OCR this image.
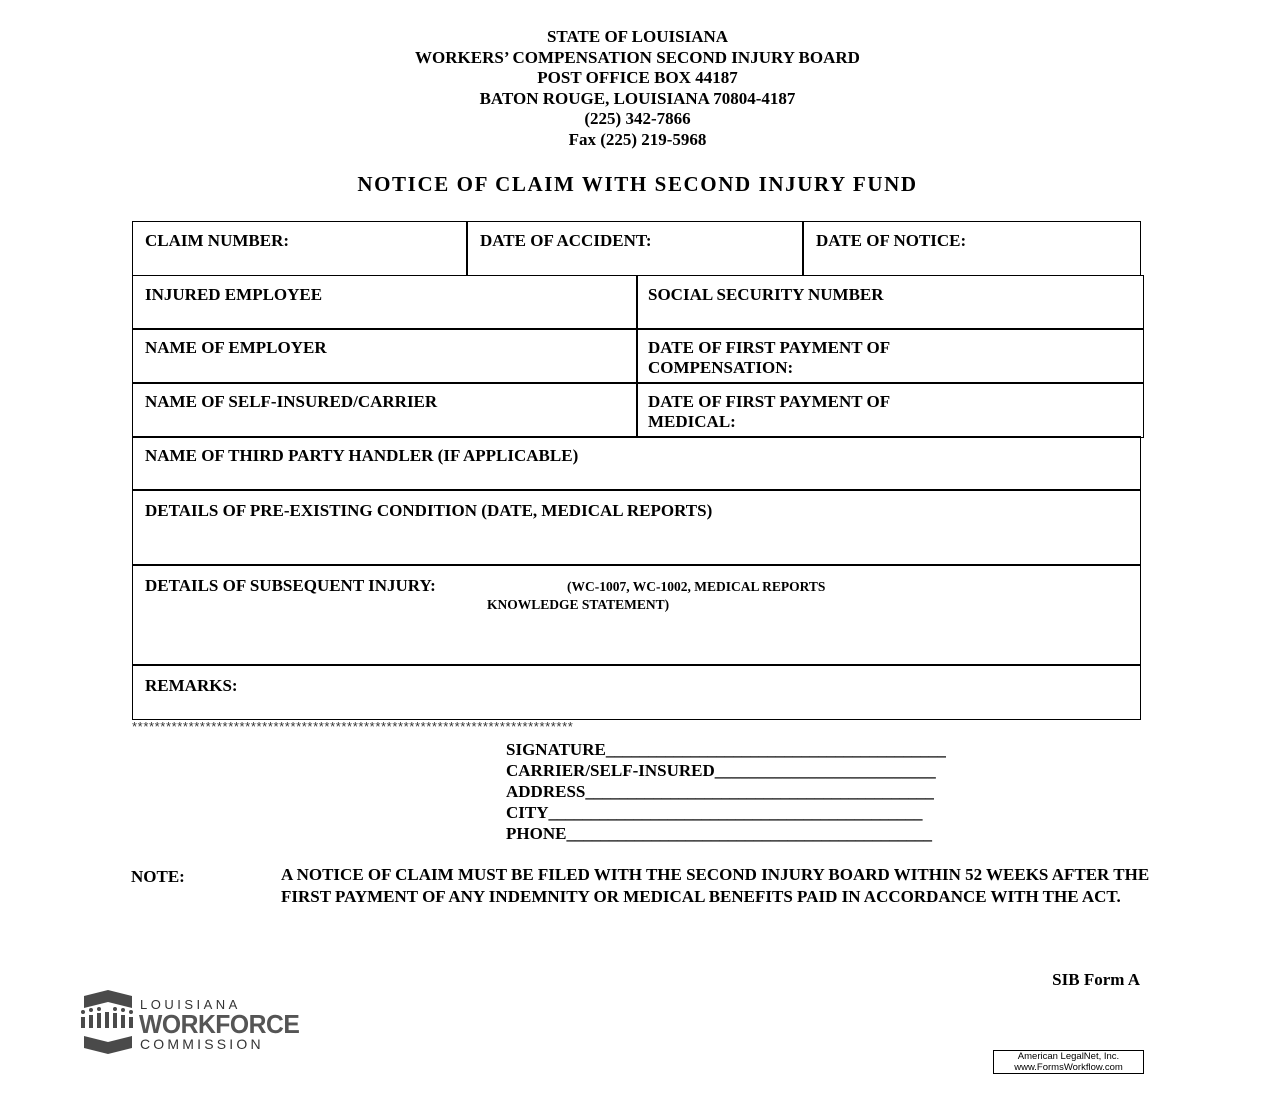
STATE OF LOUISIANA
WORKERS’ COMPENSATION SECOND INJURY BOARD
POST OFFICE BOX 44187
BATON ROUGE, LOUISIANA 70804-4187
(225) 342-7866
Fax (225) 219-5968
NOTICE OF CLAIM WITH SECOND INJURY FUND
CLAIM NUMBER:	DATE OF ACCIDENT:	DATE OF NOTICE:
INJURED EMPLOYEE	SOCIAL SECURITY NUMBER
NAME OF EMPLOYER	DATE OF FIRST PAYMENT OF
COMPENSATION:
NAME OF SELF-INSURED/CARRIER	DATE OF FIRST PAYMENT OF
MEDICAL:
NAME OF THIRD PARTY HANDLER (IF APPLICABLE)
DETAILS OF PRE-EXISTING CONDITION (DATE, MEDICAL REPORTS)
DETAILS OF SUBSEQUENT INJURY:	(WC-1007, WC-1002, MEDICAL REPORTS
KNOWLEDGE STATEMENT)
REMARKS:
******************************************************************************
SIGNATURE________________________________________
CARRIER/SELF-INSURED__________________________
ADDRESS_________________________________________
CITY____________________________________________
PHONE___________________________________________
NOTE:	A NOTICE OF CLAIM MUST BE FILED WITH THE SECOND INJURY BOARD WITHIN 52 WEEKS AFTER THE FIRST PAYMENT OF ANY INDEMNITY OR MEDICAL BENEFITS PAID IN ACCORDANCE WITH THE ACT.
SIB Form A
LOUISIANA
WORKFORCE
COMMISSION
American LegalNet, Inc.
www.FormsWorkflow.com
